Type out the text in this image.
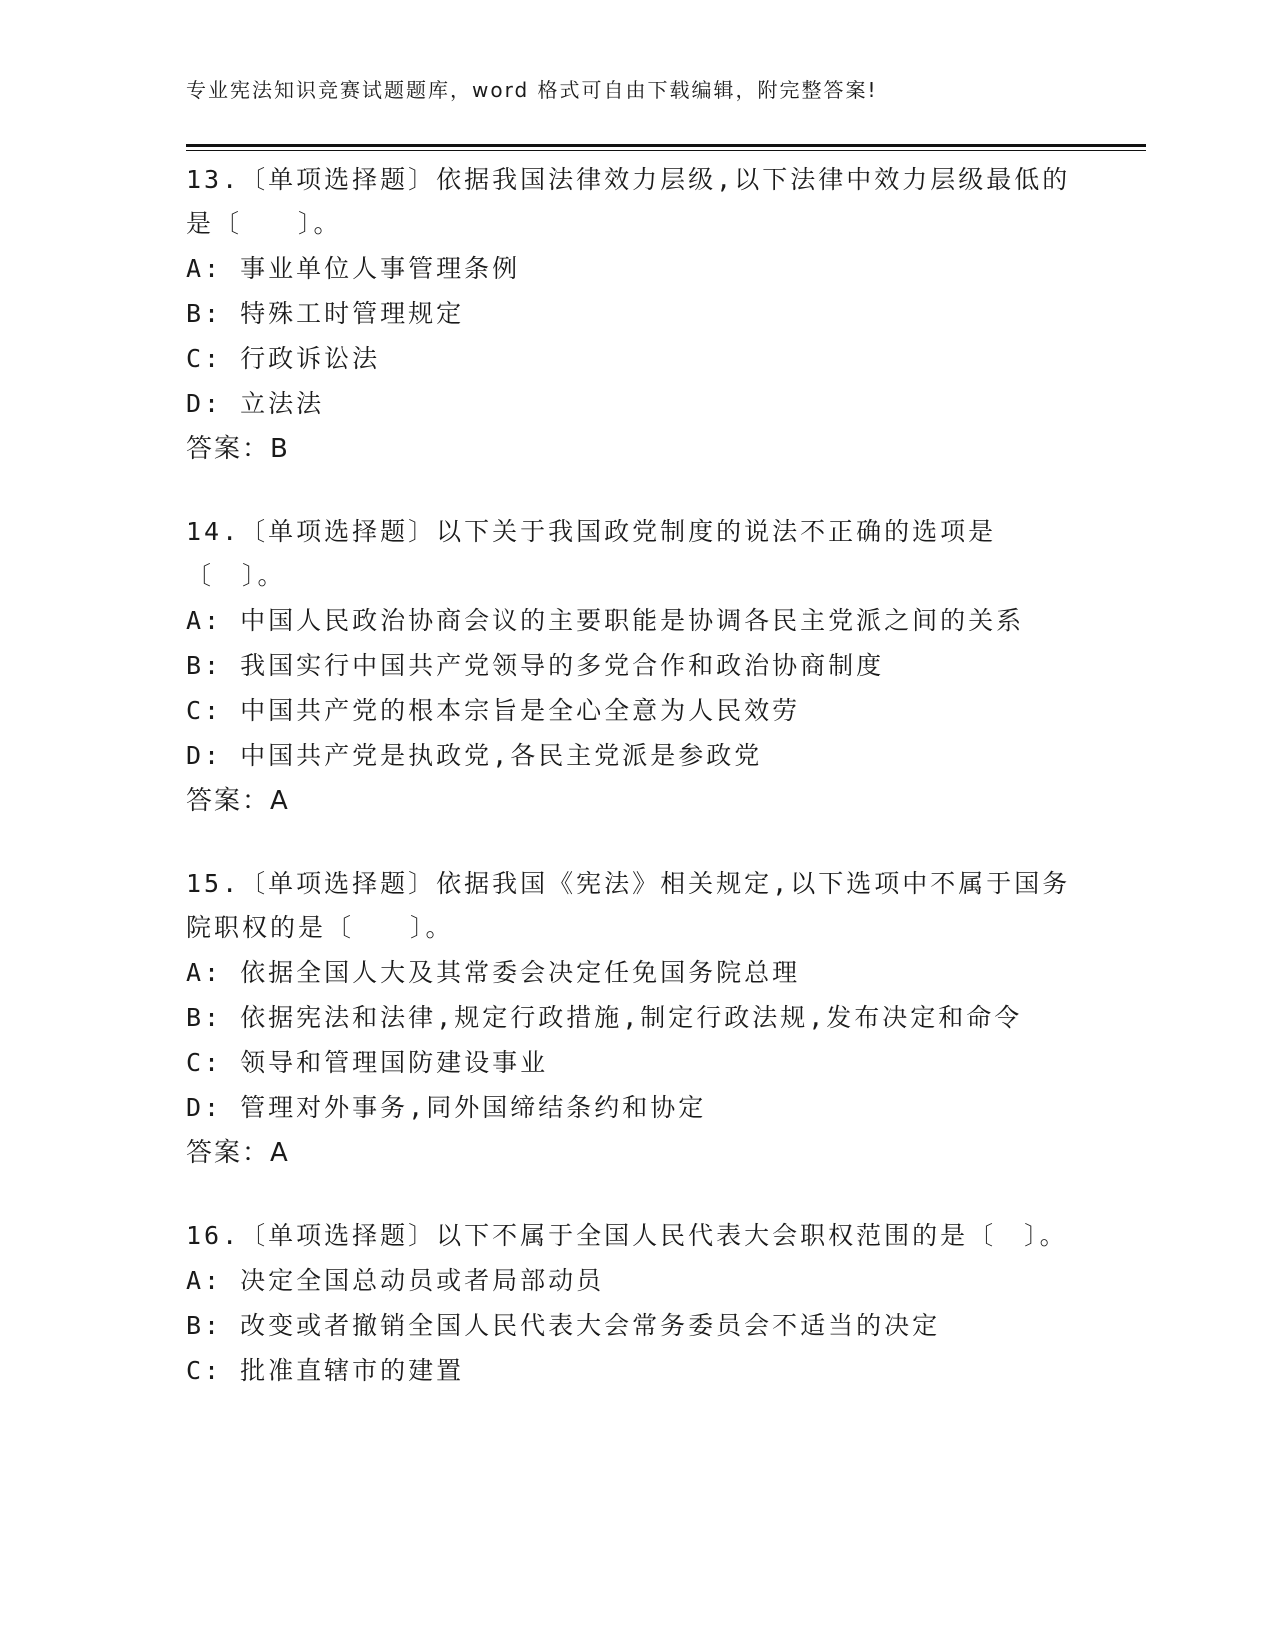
专业宪法知识竞赛试题题库，word 格式可自由下载编辑，附完整答案!

13.〔单项选择题〕依据我国法律效力层级,以下法律中效力层级最低的是〔　　〕。

A: 事业单位人事管理条例

B: 特殊工时管理规定

C: 行政诉讼法

D: 立法法

答案：B

14.〔单项选择题〕以下关于我国政党制度的说法不正确的选项是〔　〕。

A: 中国人民政治协商会议的主要职能是协调各民主党派之间的关系

B: 我国实行中国共产党领导的多党合作和政治协商制度

C: 中国共产党的根本宗旨是全心全意为人民效劳

D: 中国共产党是执政党,各民主党派是参政党

答案：A

15.〔单项选择题〕依据我国《宪法》相关规定,以下选项中不属于国务院职权的是〔　　〕。

A: 依据全国人大及其常委会决定任免国务院总理

B: 依据宪法和法律,规定行政措施,制定行政法规,发布决定和命令

C: 领导和管理国防建设事业

D: 管理对外事务,同外国缔结条约和协定

答案：A

16.〔单项选择题〕以下不属于全国人民代表大会职权范围的是〔　〕。

A: 决定全国总动员或者局部动员

B: 改变或者撤销全国人民代表大会常务委员会不适当的决定

C: 批准直辖市的建置
